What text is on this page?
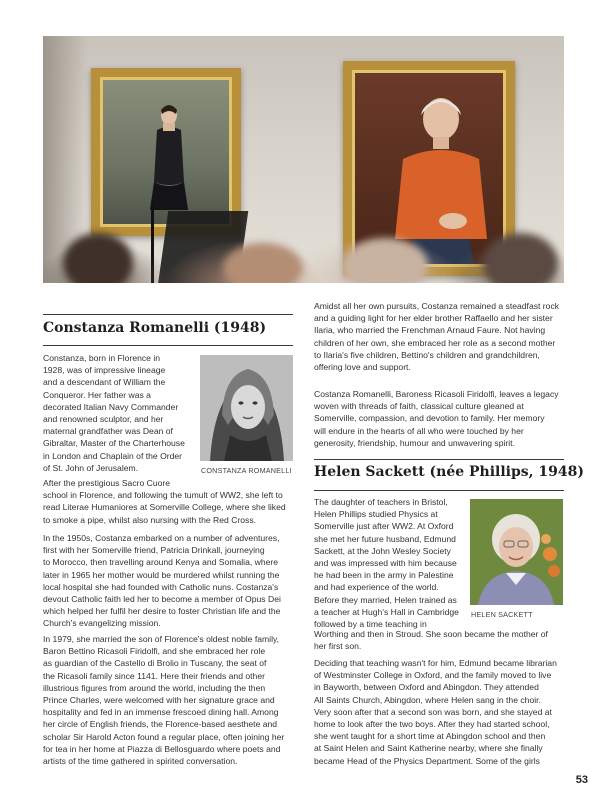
Constanza Romanelli (1948)
Constanza, born in Florence in
1928, was of impressive lineage
and a descendant of William the
Conqueror. Her father was a
decorated Italian Navy Commander
and renowned sculptor, and her
maternal grandfather was Dean of
Gibraltar, Master of the Charterhouse
in London and Chaplain of the Order
of St. John of Jerusalem.	CONSTANZA ROMANELLI
After the prestigious Sacro Cuore
school in Florence, and following the tumult of WW2, she left to
read Literae Humaniores at Somerville College, where she liked
to smoke a pipe, whilst also nursing with the Red Cross.
In the 1950s, Costanza embarked on a number of adventures,
first with her Somerville friend, Patricia Drinkall, journeying
to Morocco, then travelling around Kenya and Somalia, where
later in 1965 her mother would be murdered whilst running the
local hospital she had founded with Catholic nuns. Costanza's
devout Catholic faith led her to become a member of Opus Dei
which helped her fulfil her desire to foster Christian life and the
Church's evangelizing mission.
In 1979, she married the son of Florence's oldest noble family,
Baron Bettino Ricasoli Firidolfi, and she embraced her role
as guardian of the Castello di Brolio in Tuscany, the seat of
the Ricasoli family since 1141. Here their friends and other
illustrious figures from around the world, including the then
Prince Charles, were welcomed with her signature grace and
hospitality and fed in an immense frescoed dining hall. Among
her circle of English friends, the Florence-based aesthete and
scholar Sir Harold Acton found a regular place, often joining her
for tea in her home at Piazza di Bellosguardo where poets and
artists of the time gathered in spirited conversation.
Amidst all her own pursuits, Costanza remained a steadfast rock
and a guiding light for her elder brother Raffaello and her sister
Ilaria, who married the Frenchman Arnaud Faure. Not having
children of her own, she embraced her role as a second mother
to Ilaria's five children, Bettino's children and grandchildren,
offering love and support.
Costanza Romanelli, Baroness Ricasoli Firidolfi, leaves a legacy
woven with threads of faith, classical culture gleaned at
Somerville, compassion, and devotion to family. Her memory
will endure in the hearts of all who were touched by her
generosity, friendship, humour and unwavering spirit.
Helen Sackett (née Phillips, 1948)
The daughter of teachers in Bristol,
Helen Phillips studied Physics at
Somerville just after WW2. At Oxford
she met her future husband, Edmund
Sackett, at the John Wesley Society
and was impressed with him because
he had been in the army in Palestine
and had experience of the world.
Before they married, Helen trained as
a teacher at Hugh's Hall in Cambridge
followed by a time teaching in
HELEN SACKETT
Worthing and then in Stroud. She soon became the mother of
her first son.
Deciding that teaching wasn't for him, Edmund became librarian
of Westminster College in Oxford, and the family moved to live
in Bayworth, between Oxford and Abingdon. They attended
All Saints Church, Abingdon, where Helen sang in the choir.
Very soon after that a second son was born, and she stayed at
home to look after the two boys. After they had started school,
she went taught for a short time at Abingdon school and then
at Saint Helen and Saint Katherine nearby, where she finally
became Head of the Physics Department. Some of the girls
53
